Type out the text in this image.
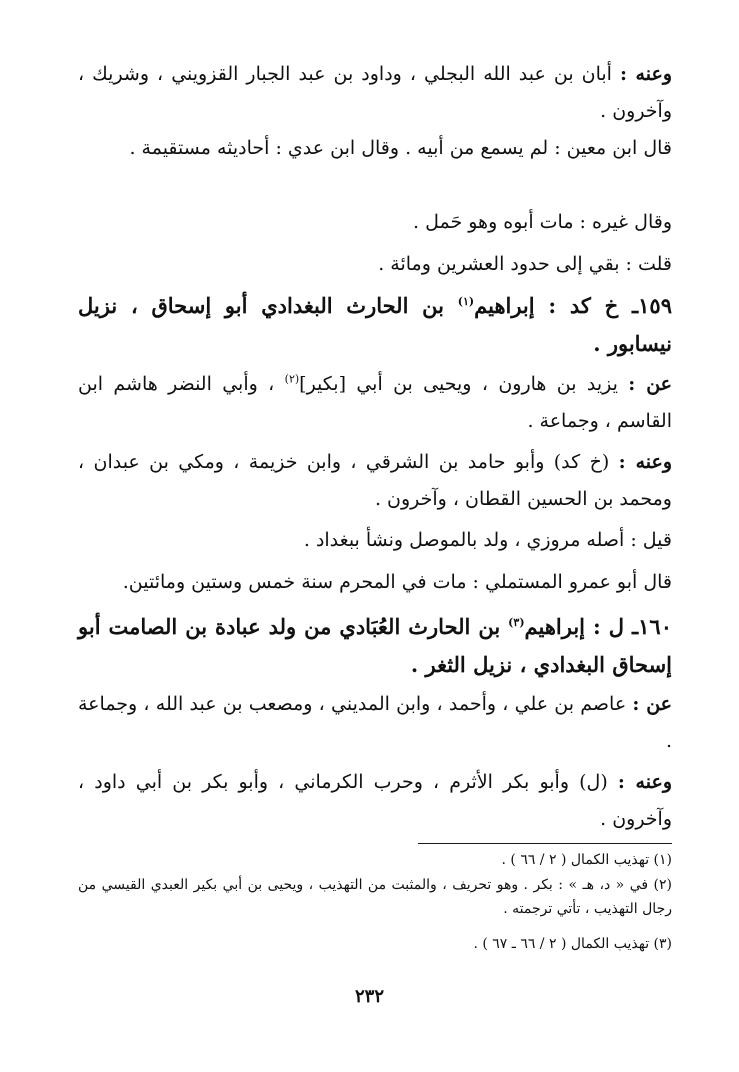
وعنه : أبان بن عبد الله البجلي ، وداود بن عبد الجبار القزويني ، وشريك ، وآخرون .
قال ابن معين : لم يسمع من أبيه . وقال ابن عدي : أحاديثه مستقيمة .
وقال غيره : مات أبوه وهو حَمل .
قلت : بقي إلى حدود العشرين ومائة .
١٥٩ـ خ كد : إبراهيم$^{(١)}$ بن الحارث البغدادي أبو إسحاق ، نزيل نيسابور .
عن : يزيد بن هارون ، ويحيى بن أبي [بكير]$^{(٢)}$ ، وأبي النضر هاشم ابن القاسم ، وجماعة .
وعنه : (خ كد) وأبو حامد بن الشرقي ، وابن خزيمة ، ومكي بن عبدان ، ومحمد بن الحسين القطان ، وآخرون .
قيل : أصله مروزي ، ولد بالموصل ونشأ ببغداد .
قال أبو عمرو المستملي : مات في المحرم سنة خمس وستين ومائتين.
١٦٠ـ ل : إبراهيم$^{(٣)}$ بن الحارث العُبَادي من ولد عبادة بن الصامت أبو إسحاق البغدادي ، نزيل الثغر .
عن : عاصم بن علي ، وأحمد ، وابن المديني ، ومصعب بن عبد الله ، وجماعة .
وعنه : (ل) وأبو بكر الأثرم ، وحرب الكرماني ، وأبو بكر بن أبي داود ، وآخرون .
(١) تهذيب الكمال ( ٢ / ٦٦ ) .
(٢) في « د، هـ » : بكر . وهو تحريف ، والمثبت من التهذيب ، ويحيى بن أبي بكير العبدي القيسي من رجال التهذيب ، تأتي ترجمته .
(٣) تهذيب الكمال ( ٢ / ٦٦ ـ ٦٧ ) .
٢٣٢
